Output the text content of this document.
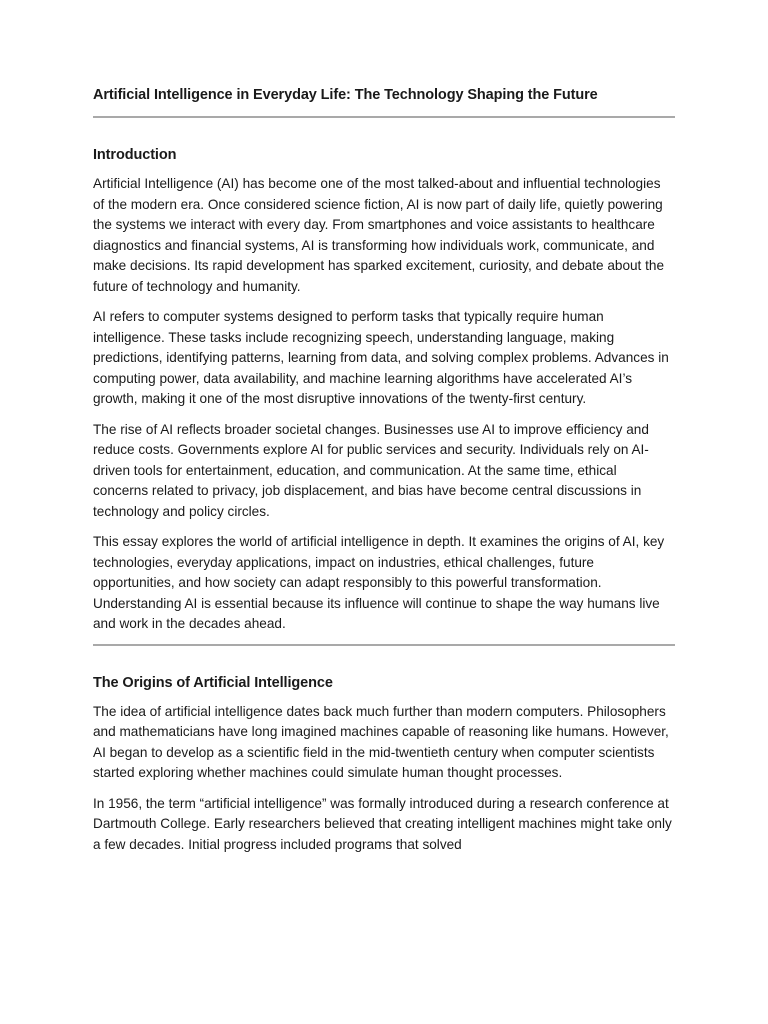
Artificial Intelligence in Everyday Life: The Technology Shaping the Future
Introduction

Artificial Intelligence (AI) has become one of the most talked-about and influential technologies of the modern era. Once considered science fiction, AI is now part of daily life, quietly powering the systems we interact with every day. From smartphones and voice assistants to healthcare diagnostics and financial systems, AI is transforming how individuals work, communicate, and make decisions. Its rapid development has sparked excitement, curiosity, and debate about the future of technology and humanity.

AI refers to computer systems designed to perform tasks that typically require human intelligence. These tasks include recognizing speech, understanding language, making predictions, identifying patterns, learning from data, and solving complex problems. Advances in computing power, data availability, and machine learning algorithms have accelerated AI’s growth, making it one of the most disruptive innovations of the twenty-first century.

The rise of AI reflects broader societal changes. Businesses use AI to improve efficiency and reduce costs. Governments explore AI for public services and security. Individuals rely on AI-driven tools for entertainment, education, and communication. At the same time, ethical concerns related to privacy, job displacement, and bias have become central discussions in technology and policy circles.

This essay explores the world of artificial intelligence in depth. It examines the origins of AI, key technologies, everyday applications, impact on industries, ethical challenges, future opportunities, and how society can adapt responsibly to this powerful transformation. Understanding AI is essential because its influence will continue to shape the way humans live and work in the decades ahead.

The Origins of Artificial Intelligence

The idea of artificial intelligence dates back much further than modern computers. Philosophers and mathematicians have long imagined machines capable of reasoning like humans. However, AI began to develop as a scientific field in the mid-twentieth century when computer scientists started exploring whether machines could simulate human thought processes.

In 1956, the term “artificial intelligence” was formally introduced during a research conference at Dartmouth College. Early researchers believed that creating intelligent machines might take only a few decades. Initial progress included programs that solved
